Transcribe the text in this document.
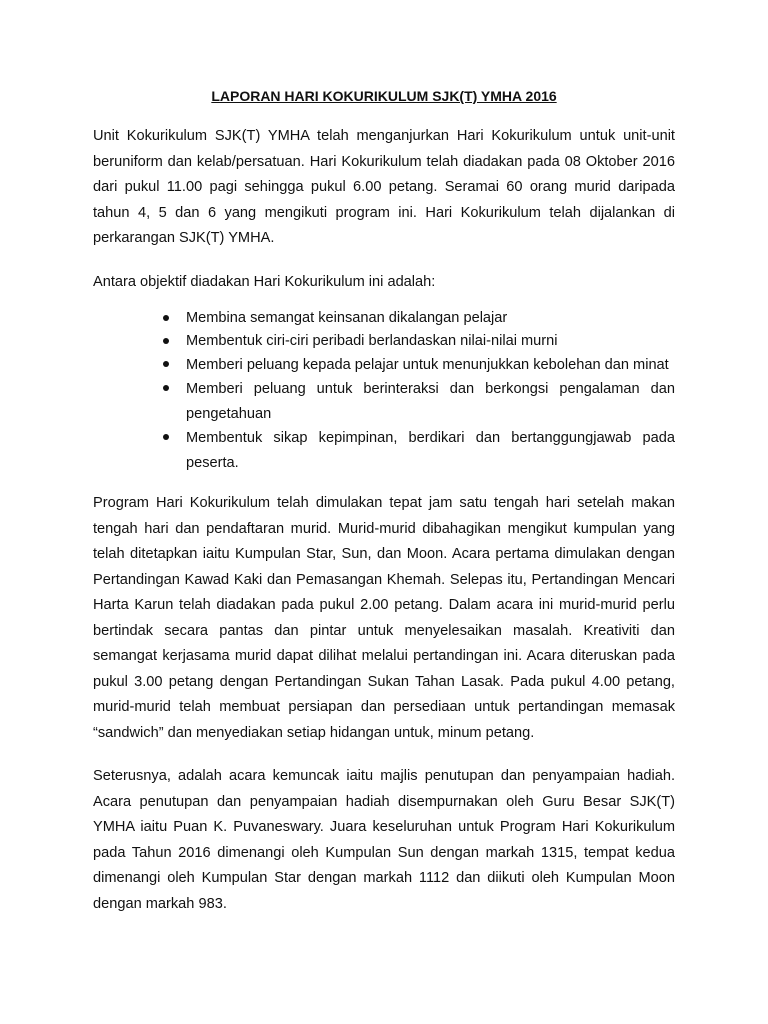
LAPORAN HARI KOKURIKULUM SJK(T) YMHA 2016

Unit Kokurikulum SJK(T) YMHA telah menganjurkan Hari Kokurikulum untuk unit-unit beruniform dan kelab/persatuan. Hari Kokurikulum telah diadakan pada 08 Oktober 2016 dari pukul 11.00 pagi sehingga pukul 6.00 petang. Seramai 60 orang murid daripada tahun 4, 5 dan 6 yang mengikuti program ini. Hari Kokurikulum telah dijalankan di perkarangan SJK(T) YMHA.

Antara objektif diadakan Hari Kokurikulum ini adalah:

Membina semangat keinsanan dikalangan pelajar
Membentuk ciri-ciri peribadi berlandaskan nilai-nilai murni
Memberi peluang kepada pelajar untuk menunjukkan kebolehan dan minat
Memberi peluang untuk berinteraksi dan berkongsi pengalaman dan pengetahuan
Membentuk sikap kepimpinan, berdikari dan bertanggungjawab pada peserta.

Program Hari Kokurikulum telah dimulakan tepat jam satu tengah hari setelah makan tengah hari dan pendaftaran murid. Murid-murid dibahagikan mengikut kumpulan yang telah ditetapkan iaitu Kumpulan Star, Sun, dan Moon. Acara pertama dimulakan dengan Pertandingan Kawad Kaki dan Pemasangan Khemah. Selepas itu, Pertandingan Mencari Harta Karun telah diadakan pada pukul 2.00 petang. Dalam acara ini murid-murid perlu bertindak secara pantas dan pintar untuk menyelesaikan masalah. Kreativiti dan semangat kerjasama murid dapat dilihat melalui pertandingan ini. Acara diteruskan pada pukul 3.00 petang dengan Pertandingan Sukan Tahan Lasak. Pada pukul 4.00 petang, murid-murid telah membuat persiapan dan persediaan untuk pertandingan memasak “sandwich” dan menyediakan setiap hidangan untuk, minum petang.

Seterusnya, adalah acara kemuncak iaitu majlis penutupan dan penyampaian hadiah. Acara penutupan dan penyampaian hadiah disempurnakan oleh Guru Besar SJK(T) YMHA iaitu Puan K. Puvaneswary. Juara keseluruhan untuk Program Hari Kokurikulum pada Tahun 2016 dimenangi oleh Kumpulan Sun dengan markah 1315, tempat kedua dimenangi oleh Kumpulan Star dengan markah 1112 dan diikuti oleh Kumpulan Moon dengan markah 983.
